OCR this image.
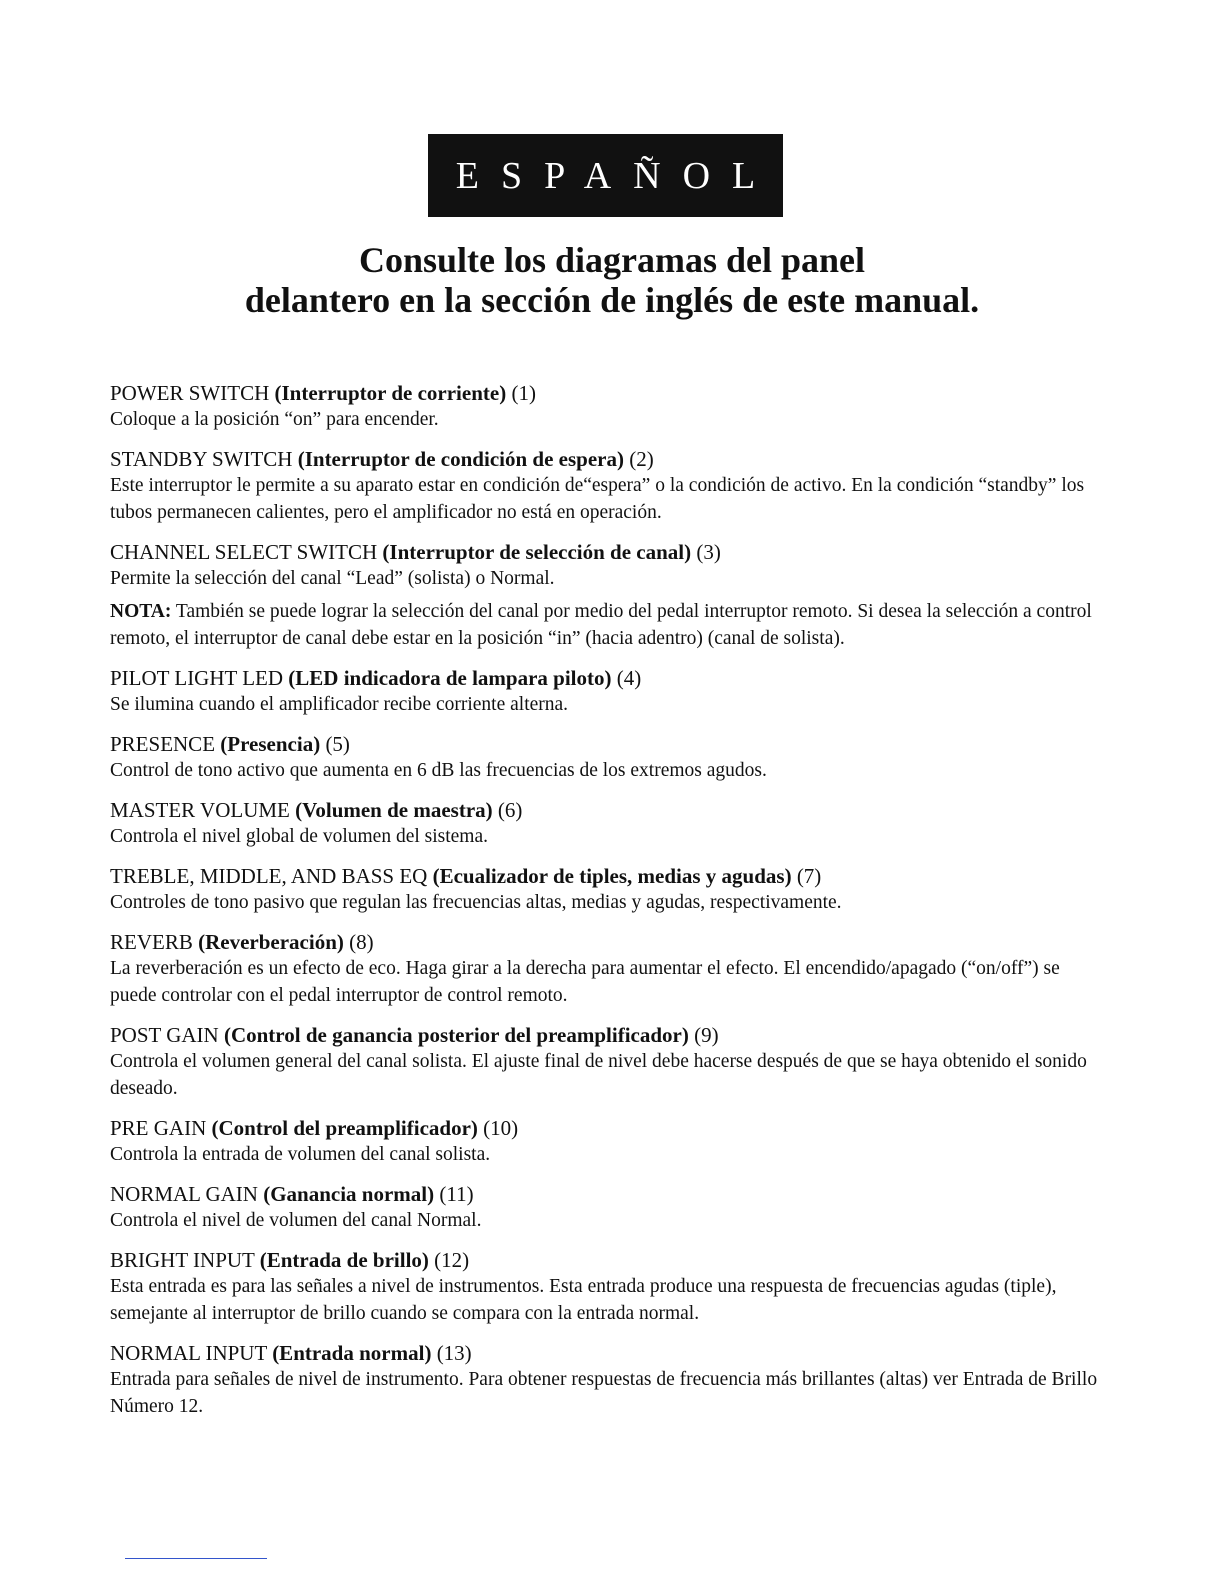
ESPAÑOL
Consulte los diagramas del panel
delantero en la sección de inglés de este manual.
POWER SWITCH (Interruptor de corriente) (1)
Coloque a la posición “on” para encender.
STANDBY SWITCH (Interruptor de condición de espera) (2)
Este interruptor le permite a su aparato estar en condición de“espera” o la condición de activo. En la condición “standby” los tubos permanecen calientes, pero el amplificador no está en operación.
CHANNEL SELECT SWITCH (Interruptor de selección de canal) (3)
Permite la selección del canal “Lead” (solista) o Normal.
NOTA: También se puede lograr la selección del canal por medio del pedal interruptor remoto. Si desea la selección a control remoto, el interruptor de canal debe estar en la posición “in” (hacia adentro) (canal de solista).
PILOT LIGHT LED (LED indicadora de lampara piloto) (4)
Se ilumina cuando el amplificador recibe corriente alterna.
PRESENCE (Presencia) (5)
Control de tono activo que aumenta en 6 dB las frecuencias de los extremos agudos.
MASTER VOLUME (Volumen de maestra) (6)
Controla el nivel global de volumen del sistema.
TREBLE, MIDDLE, AND BASS EQ (Ecualizador de tiples, medias y agudas) (7)
Controles de tono pasivo que regulan las frecuencias altas, medias y agudas, respectivamente.
REVERB (Reverberación) (8)
La reverberación es un efecto de eco. Haga girar a la derecha para aumentar el efecto. El encendido/apagado (“on/off”) se puede controlar con el pedal interruptor de control remoto.
POST GAIN (Control de ganancia posterior del preamplificador) (9)
Controla el volumen general del canal solista. El ajuste final de nivel debe hacerse después de que se haya obtenido el sonido deseado.
PRE GAIN (Control del preamplificador) (10)
Controla la entrada de volumen del canal solista.
NORMAL GAIN (Ganancia normal) (11)
Controla el nivel de volumen del canal Normal.
BRIGHT INPUT (Entrada de brillo) (12)
Esta entrada es para las señales a nivel de instrumentos. Esta entrada produce una respuesta de frecuencias agudas (tiple), semejante al interruptor de brillo cuando se compara con la entrada normal.
NORMAL INPUT (Entrada normal) (13)
Entrada para señales de nivel de instrumento. Para obtener respuestas de frecuencia más brillantes (altas) ver Entrada de Brillo Número 12.
